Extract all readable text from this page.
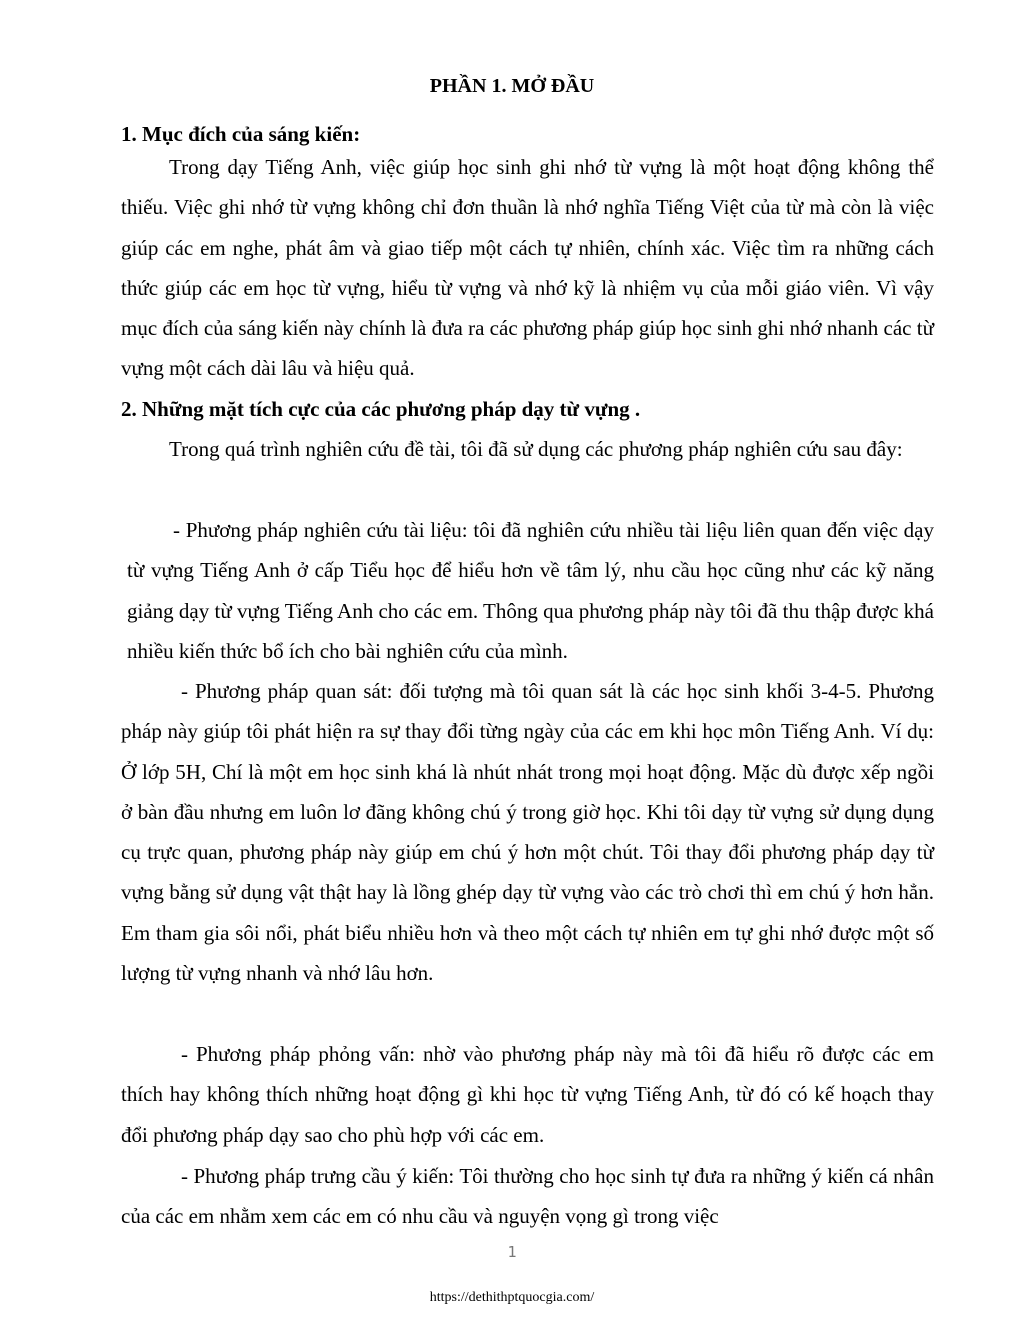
PHẦN 1. MỞ ĐẦU
1. Mục đích của sáng kiến:

Trong dạy Tiếng Anh, việc giúp học sinh ghi nhớ từ vựng là một hoạt động không thể thiếu. Việc ghi nhớ từ vựng không chỉ đơn thuần là nhớ nghĩa Tiếng Việt của từ mà còn là việc giúp các em nghe, phát âm và giao tiếp một cách tự nhiên, chính xác. Việc tìm ra những cách thức giúp các em học từ vựng, hiểu từ vựng và nhớ kỹ là nhiệm vụ của mỗi giáo viên. Vì vậy mục đích của sáng kiến này chính là đưa ra các phương pháp giúp học sinh ghi nhớ nhanh các từ vựng một cách dài lâu và hiệu quả.

2. Những mặt tích cực của các phương pháp dạy từ vựng .

Trong quá trình nghiên cứu đề tài, tôi đã sử dụng các phương pháp nghiên cứu sau đây:

- Phương pháp nghiên cứu tài liệu: tôi đã nghiên cứu nhiều tài liệu liên quan đến việc dạy từ vựng Tiếng Anh ở cấp Tiểu học để hiểu hơn về tâm lý, nhu cầu học cũng như các kỹ năng giảng dạy từ vựng Tiếng Anh cho các em. Thông qua phương pháp này tôi đã thu thập được khá nhiều kiến thức bổ ích cho bài nghiên cứu của mình.

- Phương pháp quan sát: đối tượng mà tôi quan sát là các học sinh khối 3-4-5. Phương pháp này giúp tôi phát hiện ra sự thay đổi từng ngày của các em khi học môn Tiếng Anh. Ví dụ: Ở lớp 5H, Chí là một em học sinh khá là nhút nhát trong mọi hoạt động. Mặc dù được xếp ngồi ở bàn đầu nhưng em luôn lơ đãng không chú ý trong giờ học. Khi tôi dạy từ vựng sử dụng dụng cụ trực quan, phương pháp này giúp em chú ý hơn một chút. Tôi thay đổi phương pháp dạy từ vựng bằng sử dụng vật thật hay là lồng ghép dạy từ vựng vào các trò chơi thì em chú ý hơn hẳn. Em tham gia sôi nổi, phát biểu nhiều hơn và theo một cách tự nhiên em tự ghi nhớ được một số lượng từ vựng nhanh và nhớ lâu hơn.

- Phương pháp phỏng vấn: nhờ vào phương pháp này mà tôi đã hiểu rõ được các em thích hay không thích những hoạt động gì khi học từ vựng Tiếng Anh, từ đó có kế hoạch thay đổi phương pháp dạy sao cho phù hợp với các em.

- Phương pháp trưng cầu ý kiến: Tôi thường cho học sinh tự đưa ra những ý kiến cá nhân của các em nhằm xem các em có nhu cầu và nguyện vọng gì trong việc

1
https://dethithptquocgia.com/
